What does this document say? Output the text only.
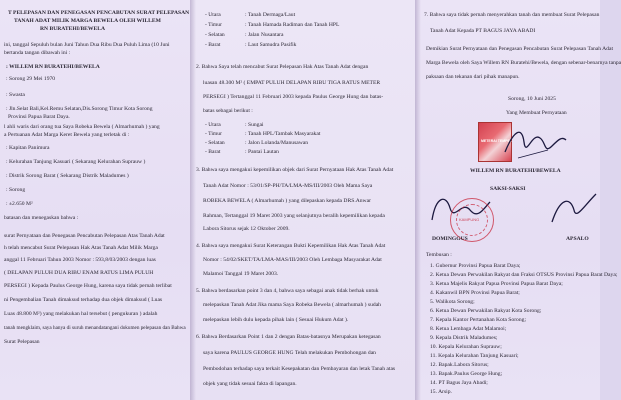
T PELEPASAN DAN PENEGASAN PENCABUTAN SURAT PELEPASAN
TANAH ADAT MILIK MARGA BEWELA OLEH WILLEM
RN BURATEHI/BEWELA
ini, tanggal Sepuluh bulan Juni Tahun Dua Ribu Dua Puluh Lima (10 Juni
bertanda tangan dibawah ini :
: WILLEM RN BURATEHI/BEWELA
: Sorong 29 Mei 1970
: Swasta
: Jln.Selat Bali,Kel.Remu Selatan,Dis.Sorong Timur Kota Sorong
Provinsi Papua Barat Daya.
l ahli waris dari orang tua Saya Robeka Bewela ( Almarhumah ) yang
a Pertuanan Adat Marga Keret Bewela yang terletak di :
: Kapitan Panimura
: Kelurahan Tanjung Kasuari ( Sekarang Kelurahan Suprauw )
: Distrik Sorong Barat ( Sekarang Distrik Maladumes )
: Sorong
: ±2.650 M²
batasan dan menegaskan bahwa :
surat Pernyataan dan Penegasan Pencabutan Pelepasan Atas Tanah Adat
h telah mencabut Surat Pelepasan Hak Atas Tanah Adat Milik Marga
anggal 11 Februari Tahun 2003 Nomor : 593,8/03/2003 dengan luas
( DELAPAN PULUH DUA RIBU ENAM RATUS LIMA PULUH
PERSEGI ) Kepada Paulus George Hung, karena saya tidak pernah terlibat
ni Pengembalian Tanah dimaksud terhadap dua objek dimaksud ( Luas
Luas 48.800 M²) yang melakukan hal tersebut ( pengukuran ) adalah
tanah mengklaim, saya hanya di suruh menandatangani dokumen pelepasan dan Bahwa
Surat Pelepasan
- Utara	: Tanah Dermaga/Laut
- Timur	: Tanah Hamada Radiman dan Tanah HPL
- Selatan	: Jalan Nusantara
- Barat	: Laut Samudra Pasifik
2. Bahwa Saya telah mencabut Surat Pelepasan Hak Atas Tanah Adat dengan
luasan 48.300 M² ( EMPAT PULUH DELAPAN RIBU TIGA RATUS METER
PERSEGI ) Tertanggal 11 Februari 2003 kepada Paulus George Hung dan batas-
batas sebagai berikut :
- Utara	: Sungai
- Timur	: Tanah HPL/Tambak Masyarakat
- Selatan	: Jalon Lolanda/Manusawan
- Barat	: Pantai Lautan
3. Bahwa saya mengakui kepemilikan objek dari Surat Pernyataan Hak Atas Tanah Adat
Tanah Adat Nomor : 53/01/SP-PH/TA/LMA-MS/III/2003 Oleh Mama Saya
ROBEKA BEWELA ( Almarhumah ) yang dilepaskan kepada DRS.Anwar
Rahman, Tertanggal 19 Maret 2003 yang selanjutnya beralih kepemilikan kepada
Labora Sitorus sejak 12 Oktober 2009.
4. Bahwa saya mengakui Surat Keterangan Bukti Kepemilikan Hak Atas Tanah Adat
Nomor : 54/02/SKET/TA/LMA-MAS/III/2003 Oleh Lembaga Masyarakat Adat
Malamoi Tanggal 19 Maret 2003.
5. Bahwa berdasarkan point 3 dan 4, bahwa saya sebagai anak tidak berhak untuk
melepaskan Tanah Adat Jika mama Saya Robeka Bewela ( almarhumah ) sudah
melepaskan lebih dulu kepada pihak lain ( Sesuai Hukum Adat ).
6. Bahwa Berdasarkan Point 1 dan 2 dengan Batas-batasnya Merupakan ketegasan
saya karena PAULUS GEORGE HUNG Telah melakukan Pembohongan dan
Pembodohan terhadap saya terkait Kesepakatan dan Pembayaran dan letak Tanah atas
objek yang tidak sesuai fakta di lapangan.
7. Bahwa saya tidak pernah menyerahkan tanah dan membuat Surat Pelepasan
Tanah Adat Kepada PT BAGUS JAYA ABADI
Demikian Surat Pernyataan dan Penegasan Pencabutan Surat Pelepasan Tanah Adat
Marga Bewela oleh Saya Willem RN Buratehi/Bewela, dengan sebenar-benarnya tanpa
paksaan dan tekanan dari pihak manapun.
Sorong, 10 Juni 2025
Yang Membuat Pernyataan
METERAI TEMPEL
WILLEM RN BURATEHI/BEWELA
SAKSI-SAKSI
KAMPUNG
DOMINGGUS	APSALO
Tembusan :
1. Gubernur Provinsi Papua Barat Daya;
2. Ketua Dewan Perwakilan Rakyat dan Fraksi OTSUS Provinsi Papua Barat Daya;
3. Ketua Majelis Rakyat Papua Provinsi Papua Barat Daya;
4. Kakanwil BPN Provinsi Papua Barat;
5. Walikota Sorong;
6. Ketua Dewan Perwakilan Rakyat Kota Sorong;
7. Kepala Kantor Pertanahan Kota Sorong;
8. Ketua Lembaga Adat Malamoi;
9. Kepala Distrik Maladumes;
10. Kepala Kelurahan Suprauw;
11. Kepala Kelurahan Tanjung Kasuari;
12. Bapak.Labora Sitorus;
13. Bapak.Paulus George Hung;
14. PT Bagus Jaya Abadi;
15. Arsip.
